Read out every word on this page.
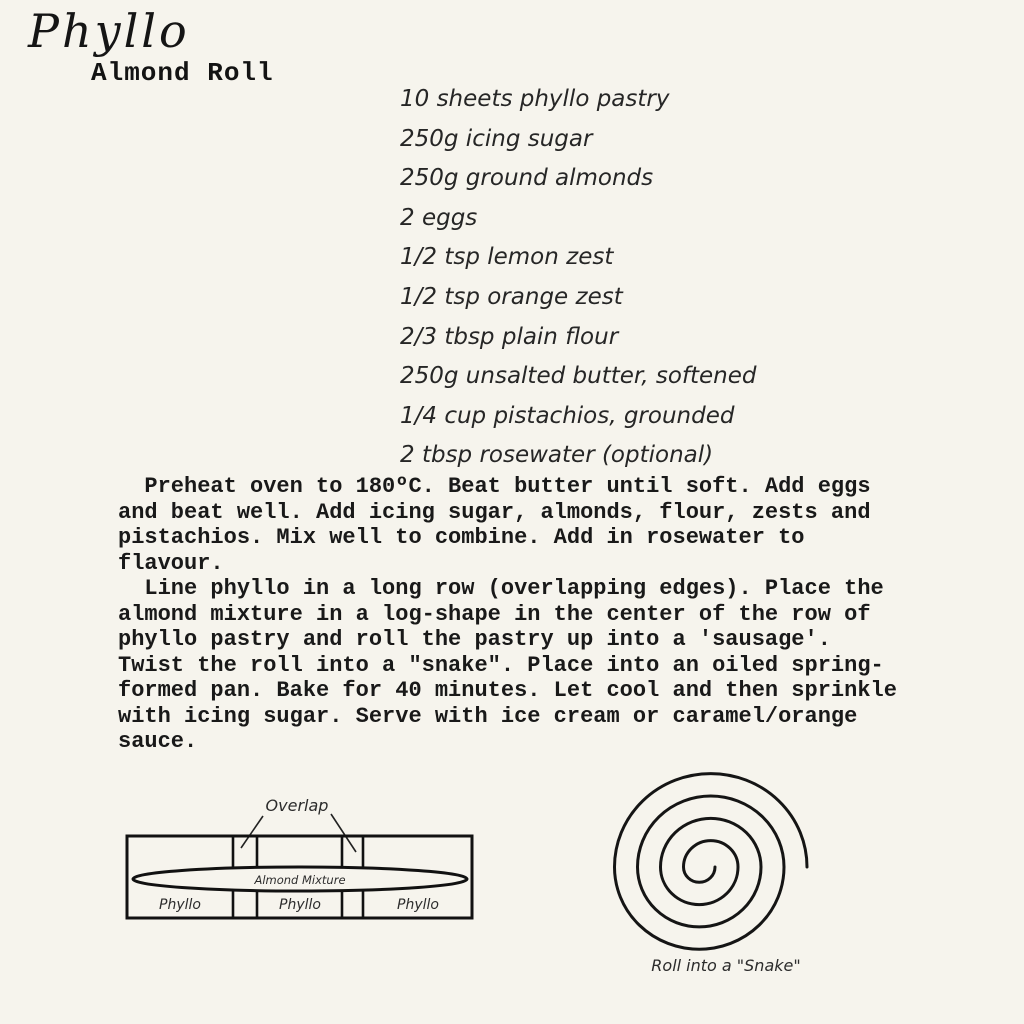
Phyllo
Almond Roll
10 sheets phyllo pastry
250g icing sugar
250g ground almonds
2 eggs
1/2 tsp lemon zest
1/2 tsp orange zest
2/3 tbsp plain flour
250g unsalted butter, softened
1/4 cup pistachios, grounded
2 tbsp rosewater (optional)
Preheat oven to 180ºC. Beat butter until soft. Add eggs
and beat well. Add icing sugar, almonds, flour, zests and
pistachios. Mix well to combine. Add in rosewater to
flavour.
Line phyllo in a long row (overlapping edges). Place the
almond mixture in a log-shape in the center of the row of
phyllo pastry and roll the pastry up into a 'sausage'.
Twist the roll into a "snake". Place into an oiled spring-
formed pan. Bake for 40 minutes. Let cool and then sprinkle
with icing sugar. Serve with ice cream or caramel/orange
sauce.
Overlap
Almond Mixture
Phyllo	Phyllo	Phyllo
Roll into a "Snake"
